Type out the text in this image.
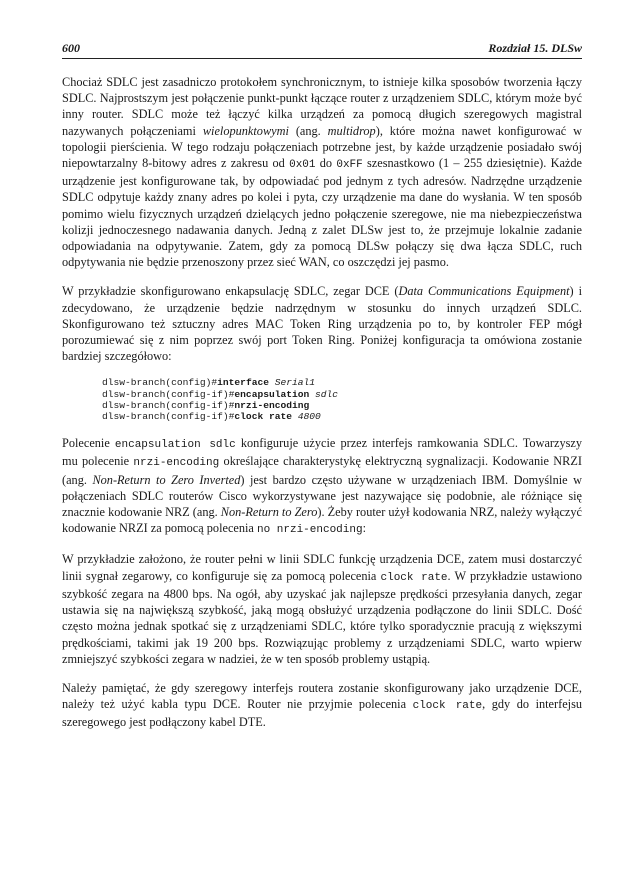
600	Rozdział 15. DLSw

Chociaż SDLC jest zasadniczo protokołem synchronicznym, to istnieje kilka sposobów tworzenia łączy SDLC. Najprostszym jest połączenie punkt-punkt łączące router z urządzeniem SDLC, którym może być inny router. SDLC może też łączyć kilka urządzeń za pomocą długich szeregowych magistral nazywanych połączeniami wielopunktowymi (ang. multidrop), które można nawet konfigurować w topologii pierścienia. W tego rodzaju połączeniach potrzebne jest, by każde urządzenie posiadało swój niepowtarzalny 8-bitowy adres z zakresu od 0x01 do 0xFF szesnastkowo (1 – 255 dziesiętnie). Każde urządzenie jest konfigurowane tak, by odpowiadać pod jednym z tych adresów. Nadrzędne urządzenie SDLC odpytuje każdy znany adres po kolei i pyta, czy urządzenie ma dane do wysłania. W ten sposób pomimo wielu fizycznych urządzeń dzielących jedno połączenie szeregowe, nie ma niebezpieczeństwa kolizji jednoczesnego nadawania danych. Jedną z zalet DLSw jest to, że przejmuje lokalnie zadanie odpowiadania na odpytywanie. Zatem, gdy za pomocą DLSw połączy się dwa łącza SDLC, ruch odpytywania nie będzie przenoszony przez sieć WAN, co oszczędzi jej pasmo.

W przykładzie skonfigurowano enkapsulację SDLC, zegar DCE (Data Communications Equipment) i zdecydowano, że urządzenie będzie nadrzędnym w stosunku do innych urządzeń SDLC. Skonfigurowano też sztuczny adres MAC Token Ring urządzenia po to, by kontroler FEP mógł porozumiewać się z nim poprzez swój port Token Ring. Poniżej konfiguracja ta omówiona zostanie bardziej szczegółowo:

dlsw-branch(config)#interface Serial1
dlsw-branch(config-if)#encapsulation sdlc
dlsw-branch(config-if)#nrzi-encoding
dlsw-branch(config-if)#clock rate 4800

Polecenie encapsulation sdlc konfiguruje użycie przez interfejs ramkowania SDLC. Towarzyszy mu polecenie nrzi-encoding określające charakterystykę elektryczną sygnalizacji. Kodowanie NRZI (ang. Non-Return to Zero Inverted) jest bardzo często używane w urządzeniach IBM. Domyślnie w połączeniach SDLC routerów Cisco wykorzystywane jest nazywające się podobnie, ale różniące się znacznie kodowanie NRZ (ang. Non-Return to Zero). Żeby router użył kodowania NRZ, należy wyłączyć kodowanie NRZI za pomocą polecenia no nrzi-encoding:

W przykładzie założono, że router pełni w linii SDLC funkcję urządzenia DCE, zatem musi dostarczyć linii sygnał zegarowy, co konfiguruje się za pomocą polecenia clock rate. W przykładzie ustawiono szybkość zegara na 4800 bps. Na ogół, aby uzyskać jak najlepsze prędkości przesyłania danych, zegar ustawia się na największą szybkość, jaką mogą obsłużyć urządzenia podłączone do linii SDLC. Dość często można jednak spotkać się z urządzeniami SDLC, które tylko sporadycznie pracują z większymi prędkościami, takimi jak 19 200 bps. Rozwiązując problemy z urządzeniami SDLC, warto wpierw zmniejszyć szybkości zegara w nadziei, że w ten sposób problemy ustąpią.

Należy pamiętać, że gdy szeregowy interfejs routera zostanie skonfigurowany jako urządzenie DCE, należy też użyć kabla typu DCE. Router nie przyjmie polecenia clock rate, gdy do interfejsu szeregowego jest podłączony kabel DTE.
